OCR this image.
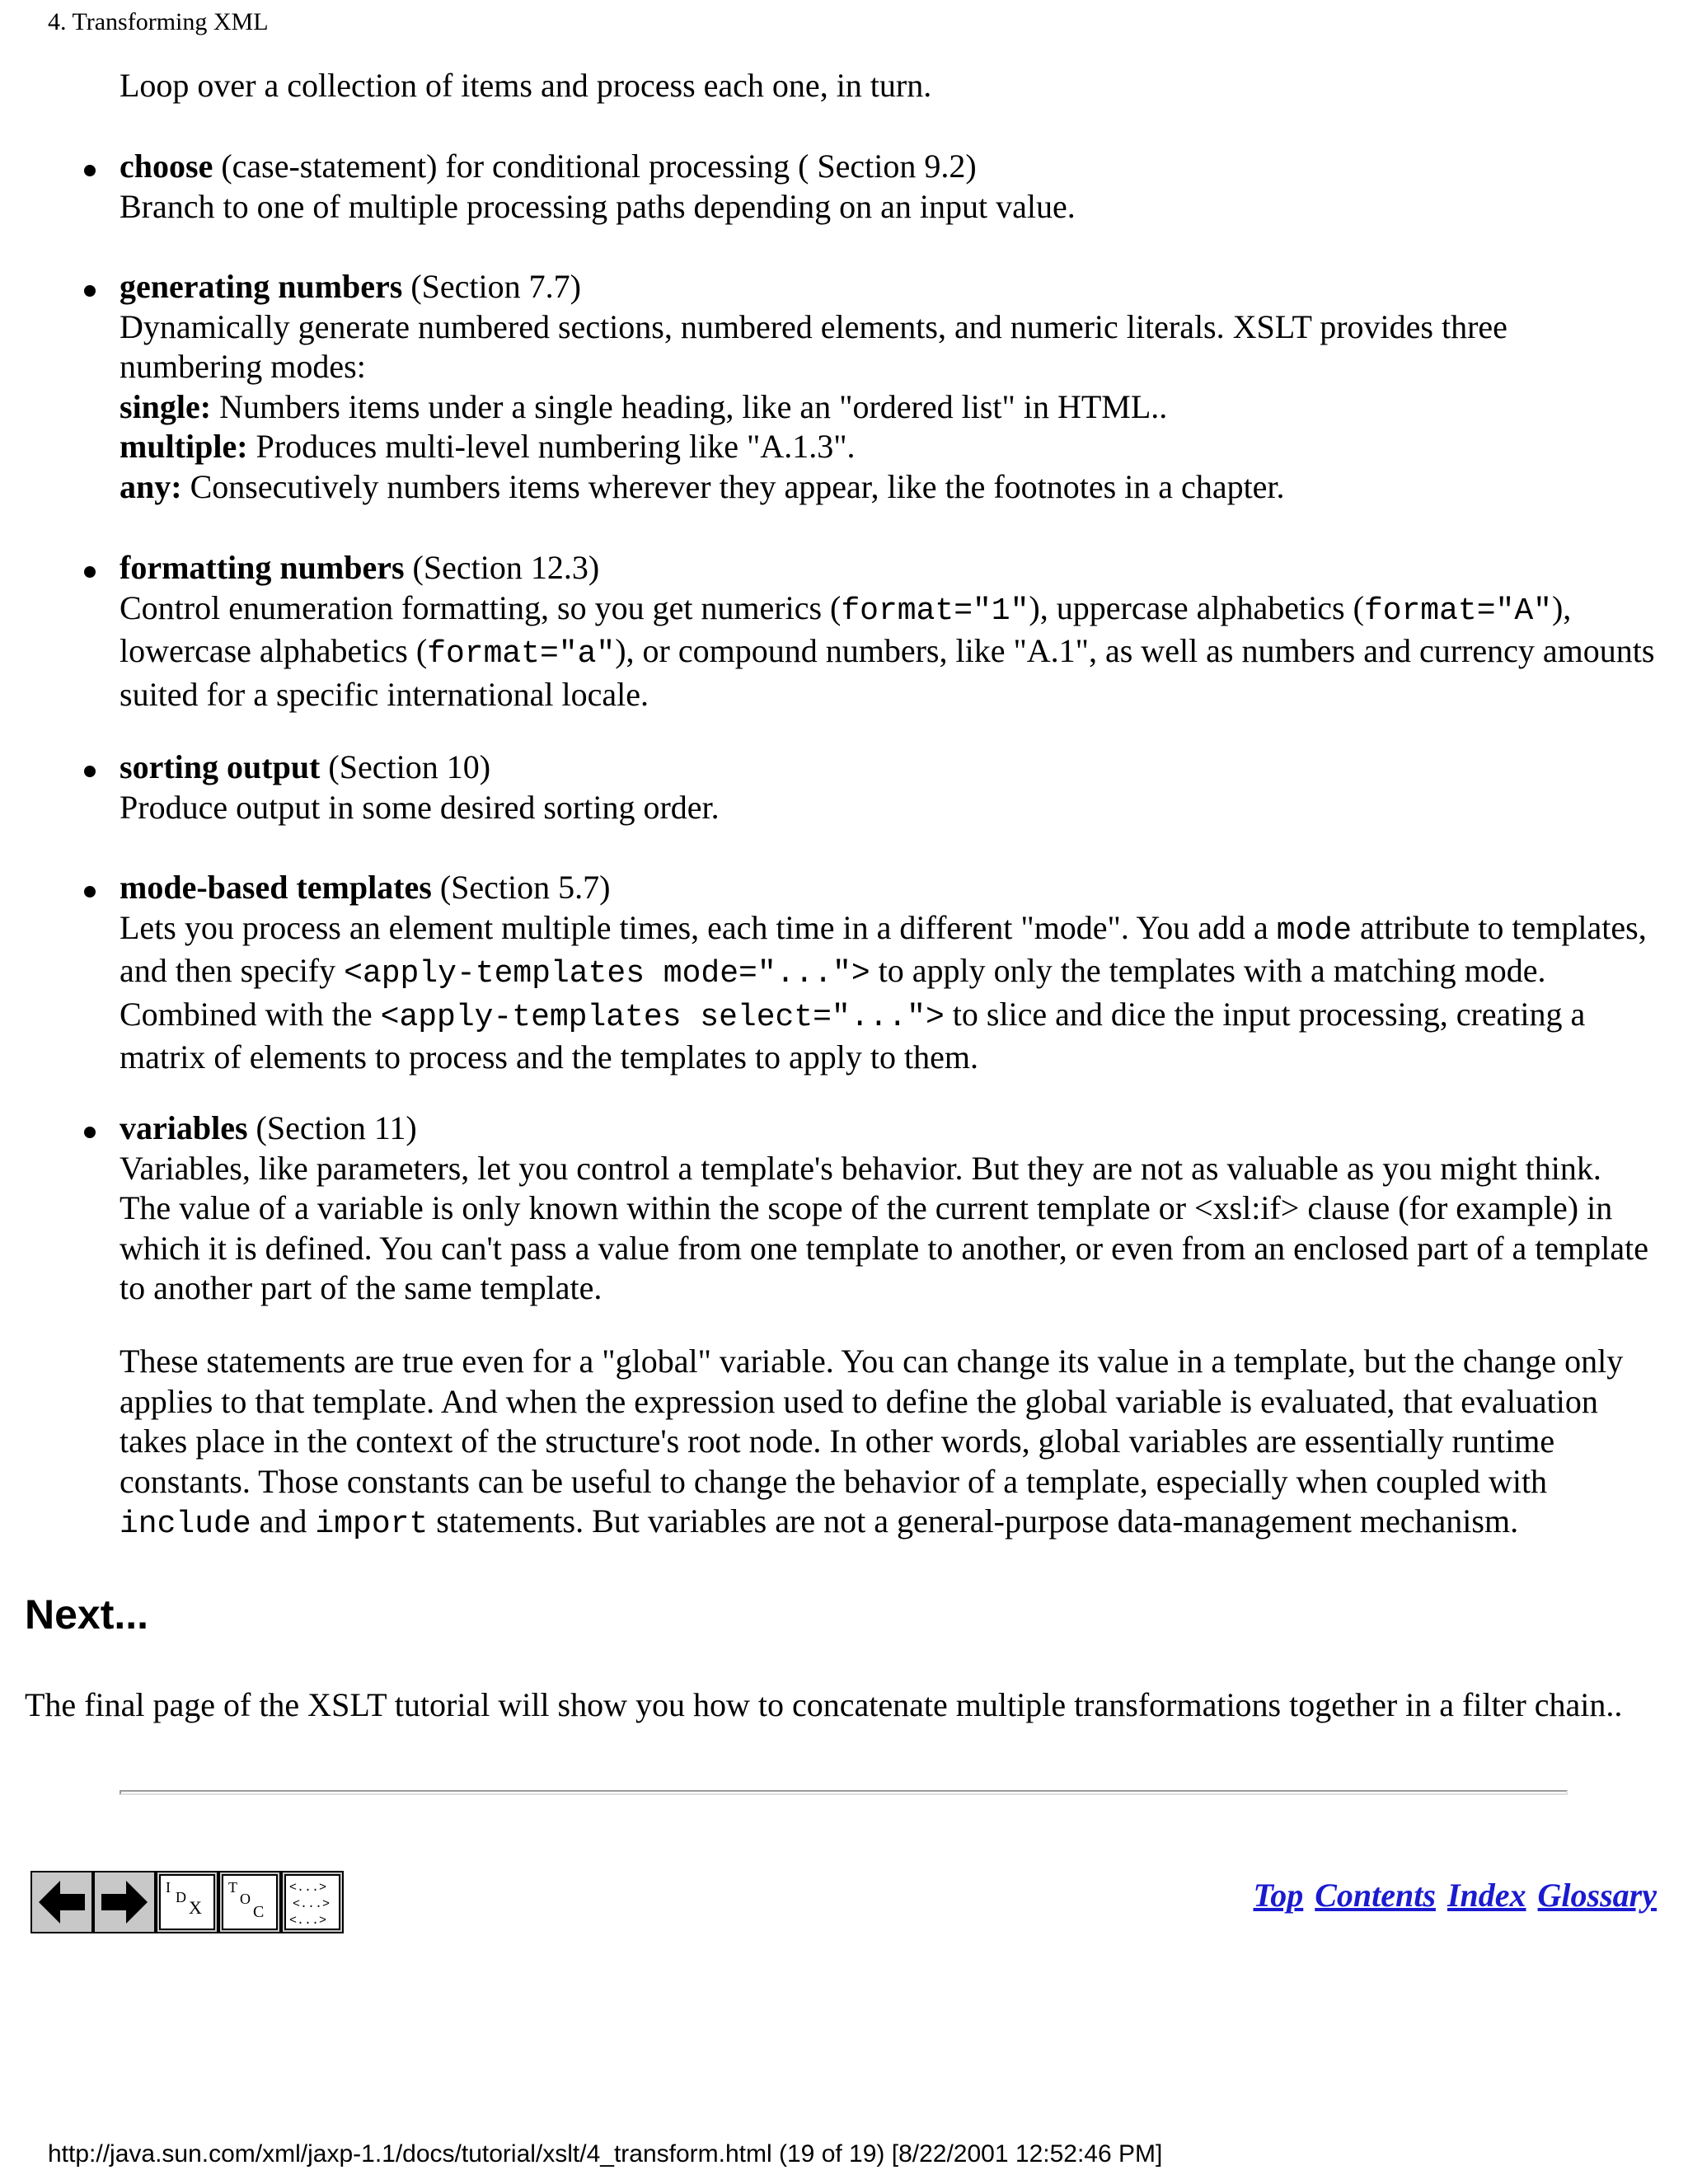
4. Transforming XML
Loop over a collection of items and process each one, in turn.
choose (case-statement) for conditional processing ( Section 9.2)
Branch to one of multiple processing paths depending on an input value.
generating numbers (Section 7.7)
Dynamically generate numbered sections, numbered elements, and numeric literals. XSLT provides three numbering modes:
single: Numbers items under a single heading, like an "ordered list" in HTML..
multiple: Produces multi-level numbering like "A.1.3".
any: Consecutively numbers items wherever they appear, like the footnotes in a chapter.
formatting numbers (Section 12.3)
Control enumeration formatting, so you get numerics (format="1"), uppercase alphabetics (format="A"), lowercase alphabetics (format="a"), or compound numbers, like "A.1", as well as numbers and currency amounts suited for a specific international locale.
sorting output (Section 10)
Produce output in some desired sorting order.
mode-based templates (Section 5.7)
Lets you process an element multiple times, each time in a different "mode". You add a mode attribute to templates, and then specify <apply-templates mode="..."> to apply only the templates with a matching mode. Combined with the <apply-templates select="..."> to slice and dice the input processing, creating a matrix of elements to process and the templates to apply to them.
variables (Section 11)
Variables, like parameters, let you control a template's behavior. But they are not as valuable as you might think. The value of a variable is only known within the scope of the current template or <xsl:if> clause (for example) in which it is defined. You can't pass a value from one template to another, or even from an enclosed part of a template to another part of the same template.
These statements are true even for a "global" variable. You can change its value in a template, but the change only applies to that template. And when the expression used to define the global variable is evaluated, that evaluation takes place in the context of the structure's root node. In other words, global variables are essentially runtime constants. Those constants can be useful to change the behavior of a template, especially when coupled with include and import statements. But variables are not a general-purpose data-management mechanism.
Next...
The final page of the XSLT tutorial will show you how to concatenate multiple transformations together in a filter chain..
I
D X
T
O
C
<...>
<...>
<...>
Top Contents Index Glossary
http://java.sun.com/xml/jaxp-1.1/docs/tutorial/xslt/4_transform.html (19 of 19) [8/22/2001 12:52:46 PM]
